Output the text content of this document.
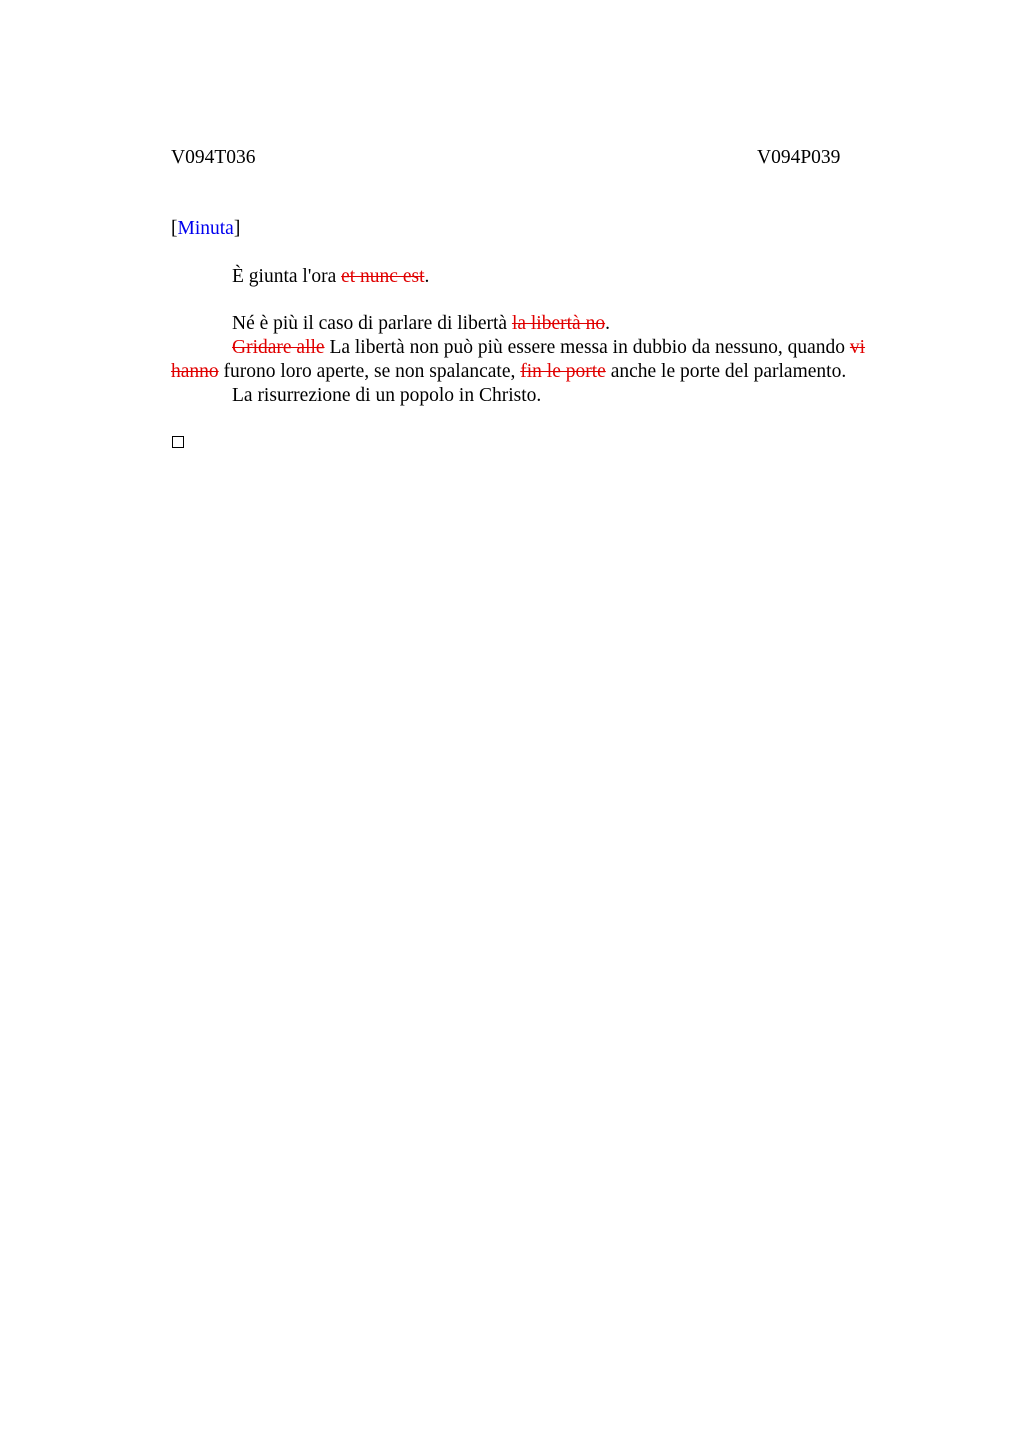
V094T036	V094P039
[Minuta]

È giunta l'ora et nunc est.

Né è più il caso di parlare di libertà la libertà no.

Gridare alle La libertà non può più essere messa in dubbio da nessuno, quando vi hanno furono loro aperte, se non spalancate, fin le porte anche le porte del parlamento.

La risurrezione di un popolo in Christo.
